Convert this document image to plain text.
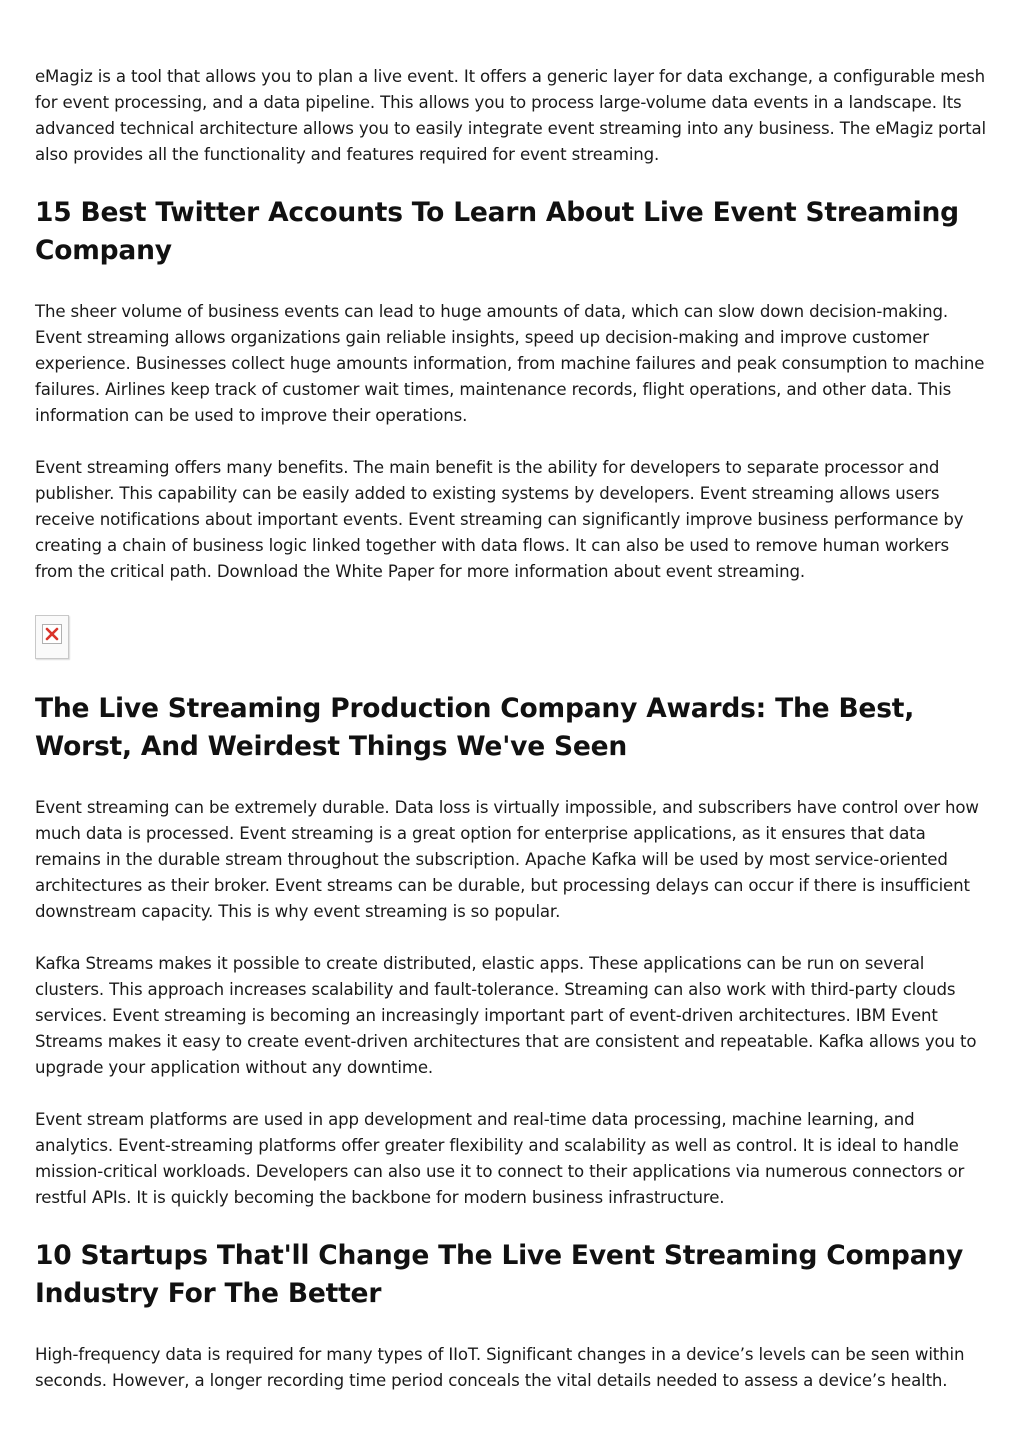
eMagiz is a tool that allows you to plan a live event. It offers a generic layer for data exchange, a configurable mesh for event processing, and a data pipeline. This allows you to process large-volume data events in a landscape. Its advanced technical architecture allows you to easily integrate event streaming into any business. The eMagiz portal also provides all the functionality and features required for event streaming.

15 Best Twitter Accounts To Learn About Live Event Streaming Company

The sheer volume of business events can lead to huge amounts of data, which can slow down decision-making. Event streaming allows organizations gain reliable insights, speed up decision-making and improve customer experience. Businesses collect huge amounts information, from machine failures and peak consumption to machine failures. Airlines keep track of customer wait times, maintenance records, flight operations, and other data. This information can be used to improve their operations.

Event streaming offers many benefits. The main benefit is the ability for developers to separate processor and publisher. This capability can be easily added to existing systems by developers. Event streaming allows users receive notifications about important events. Event streaming can significantly improve business performance by creating a chain of business logic linked together with data flows. It can also be used to remove human workers from the critical path. Download the White Paper for more information about event streaming.

The Live Streaming Production Company Awards: The Best, Worst, And Weirdest Things We've Seen

Event streaming can be extremely durable. Data loss is virtually impossible, and subscribers have control over how much data is processed. Event streaming is a great option for enterprise applications, as it ensures that data remains in the durable stream throughout the subscription. Apache Kafka will be used by most service-oriented architectures as their broker. Event streams can be durable, but processing delays can occur if there is insufficient downstream capacity. This is why event streaming is so popular.

Kafka Streams makes it possible to create distributed, elastic apps. These applications can be run on several clusters. This approach increases scalability and fault-tolerance. Streaming can also work with third-party clouds services. Event streaming is becoming an increasingly important part of event-driven architectures. IBM Event Streams makes it easy to create event-driven architectures that are consistent and repeatable. Kafka allows you to upgrade your application without any downtime.

Event stream platforms are used in app development and real-time data processing, machine learning, and analytics. Event-streaming platforms offer greater flexibility and scalability as well as control. It is ideal to handle mission-critical workloads. Developers can also use it to connect to their applications via numerous connectors or restful APIs. It is quickly becoming the backbone for modern business infrastructure.

10 Startups That'll Change The Live Event Streaming Company Industry For The Better

High-frequency data is required for many types of IIoT. Significant changes in a device’s levels can be seen within seconds. However, a longer recording time period conceals the vital details needed to assess a device’s health.
